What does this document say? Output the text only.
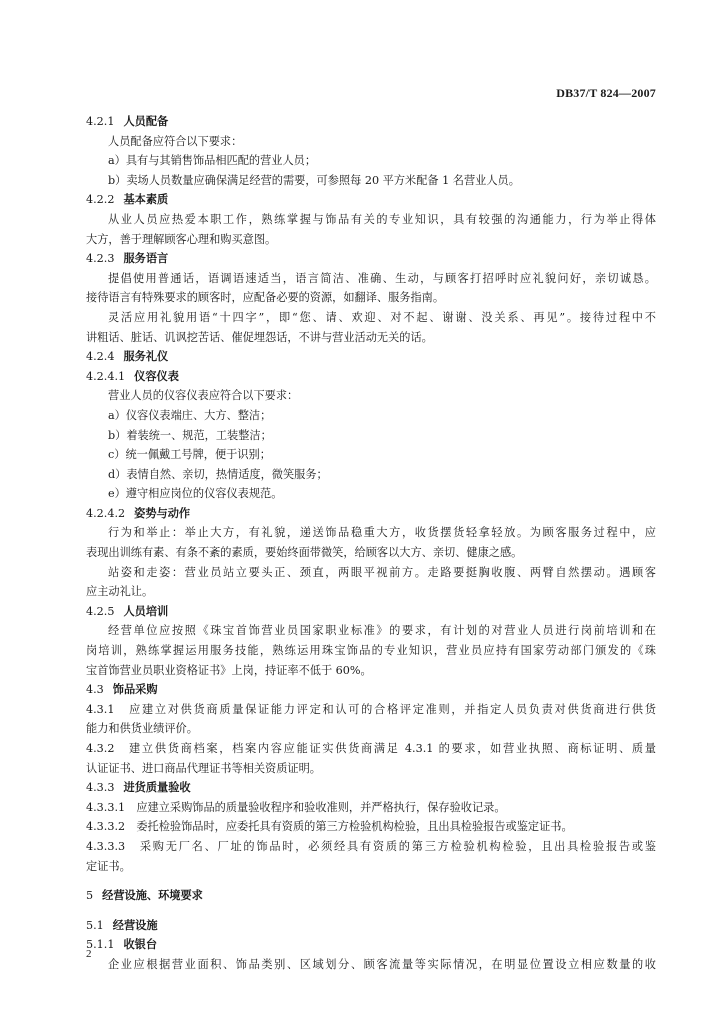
DB37/T 824—2007
4.2.1 人员配备
人员配备应符合以下要求：
a）具有与其销售饰品相匹配的营业人员；
b）卖场人员数量应确保满足经营的需要，可参照每 20 平方米配备 1 名营业人员。
4.2.2 基本素质
从业人员应热爱本职工作，熟练掌握与饰品有关的专业知识，具有较强的沟通能力，行为举止得体
大方，善于理解顾客心理和购买意图。
4.2.3 服务语言
提倡使用普通话，语调语速适当，语言简洁、准确、生动，与顾客打招呼时应礼貌问好，亲切诚恳。
接待语言有特殊要求的顾客时，应配备必要的资源，如翻译、服务指南。
灵活应用礼貌用语“十四字”，即“您、请、欢迎、对不起、谢谢、没关系、再见”。接待过程中不
讲粗话、脏话、讥讽挖苦话、催促埋怨话，不讲与营业活动无关的话。
4.2.4 服务礼仪
4.2.4.1 仪容仪表
营业人员的仪容仪表应符合以下要求：
a）仪容仪表端庄、大方、整洁；
b）着装统一、规范，工装整洁；
c）统一佩戴工号牌，便于识别；
d）表情自然、亲切，热情适度，微笑服务；
e）遵守相应岗位的仪容仪表规范。
4.2.4.2 姿势与动作
行为和举止：举止大方，有礼貌，递送饰品稳重大方，收货摆货轻拿轻放。为顾客服务过程中，应
表现出训练有素、有条不紊的素质，要始终面带微笑，给顾客以大方、亲切、健康之感。
站姿和走姿：营业员站立要头正、颈直，两眼平视前方。走路要挺胸收腹、两臂自然摆动。遇顾客
应主动礼让。
4.2.5 人员培训
经营单位应按照《珠宝首饰营业员国家职业标准》的要求，有计划的对营业人员进行岗前培训和在
岗培训，熟练掌握运用服务技能，熟练运用珠宝饰品的专业知识，营业员应持有国家劳动部门颁发的《珠
宝首饰营业员职业资格证书》上岗，持证率不低于 60%。
4.3 饰品采购
4.3.1　应建立对供货商质量保证能力评定和认可的合格评定准则，并指定人员负责对供货商进行供货
能力和供货业绩评价。
4.3.2　建立供货商档案，档案内容应能证实供货商满足 4.3.1 的要求，如营业执照、商标证明、质量
认证证书、进口商品代理证书等相关资质证明。
4.3.3 进货质量验收
4.3.3.1　应建立采购饰品的质量验收程序和验收准则，并严格执行，保存验收记录。
4.3.3.2　委托检验饰品时，应委托具有资质的第三方检验机构检验，且出具检验报告或鉴定证书。
4.3.3.3　采购无厂名、厂址的饰品时，必须经具有资质的第三方检验机构检验，且出具检验报告或鉴
定证书。
5 经营设施、环境要求
5.1 经营设施
5.1.1 收银台
企业应根据营业面积、饰品类别、区域划分、顾客流量等实际情况，在明显位置设立相应数量的收
2
